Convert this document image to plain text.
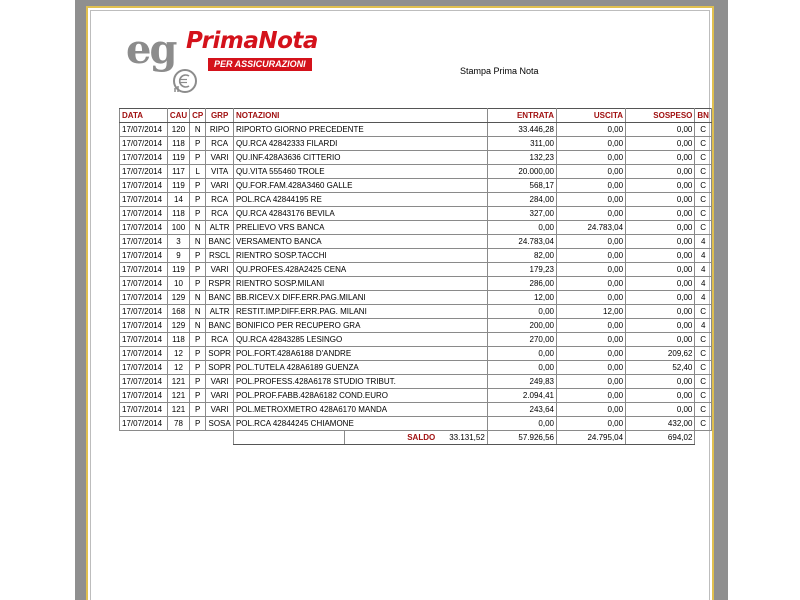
eg PrimaNota
PER ASSICURAZIONI
Stampa Prima Nota
DATA	CAU	CP	GRP	NOTAZIONI	ENTRATA	USCITA	SOSPESO	BN
17/07/2014	120	N	RIPO	RIPORTO GIORNO PRECEDENTE	33.446,28	0,00	0,00	C
17/07/2014	118	P	RCA	QU.RCA 42842333 FILARDI	311,00	0,00	0,00	C
17/07/2014	119	P	VARI	QU.INF.428A3636 CITTERIO	132,23	0,00	0,00	C
17/07/2014	117	L	VITA	QU.VITA 555460 TROLE	20.000,00	0,00	0,00	C
17/07/2014	119	P	VARI	QU.FOR.FAM.428A3460 GALLE	568,17	0,00	0,00	C
17/07/2014	14	P	RCA	POL.RCA 42844195 RE	284,00	0,00	0,00	C
17/07/2014	118	P	RCA	QU.RCA 42843176 BEVILA	327,00	0,00	0,00	C
17/07/2014	100	N	ALTR	PRELIEVO VRS BANCA	0,00	24.783,04	0,00	C
17/07/2014	3	N	BANC	VERSAMENTO BANCA	24.783,04	0,00	0,00	4
17/07/2014	9	P	RSCL	RIENTRO SOSP.TACCHI	82,00	0,00	0,00	4
17/07/2014	119	P	VARI	QU.PROFES.428A2425 CENA	179,23	0,00	0,00	4
17/07/2014	10	P	RSPR	RIENTRO SOSP.MILANI	286,00	0,00	0,00	4
17/07/2014	129	N	BANC	BB.RICEV.X DIFF.ERR.PAG.MILANI	12,00	0,00	0,00	4
17/07/2014	168	N	ALTR	RESTIT.IMP.DIFF.ERR.PAG. MILANI	0,00	12,00	0,00	C
17/07/2014	129	N	BANC	BONIFICO PER RECUPERO GRA	200,00	0,00	0,00	4
17/07/2014	118	P	RCA	QU.RCA 42843285 LESINGO	270,00	0,00	0,00	C
17/07/2014	12	P	SOPR	POL.FORT.428A6188 D'ANDRE	0,00	0,00	209,62	C
17/07/2014	12	P	SOPR	POL.TUTELA 428A6189 GUENZA	0,00	0,00	52,40	C
17/07/2014	121	P	VARI	POL.PROFESS.428A6178 STUDIO TRIBUT.	249,83	0,00	0,00	C
17/07/2014	121	P	VARI	POL.PROF.FABB.428A6182 COND.EURO	2.094,41	0,00	0,00	C
17/07/2014	121	P	VARI	POL.METROXMETRO 428A6170 MANDA	243,64	0,00	0,00	C
17/07/2014	78	P	SOSA	POL.RCA 42844245 CHIAMONE	0,00	0,00	432,00	C

				SALDO 33.131,52	57.926,56	24.795,04	694,02	
